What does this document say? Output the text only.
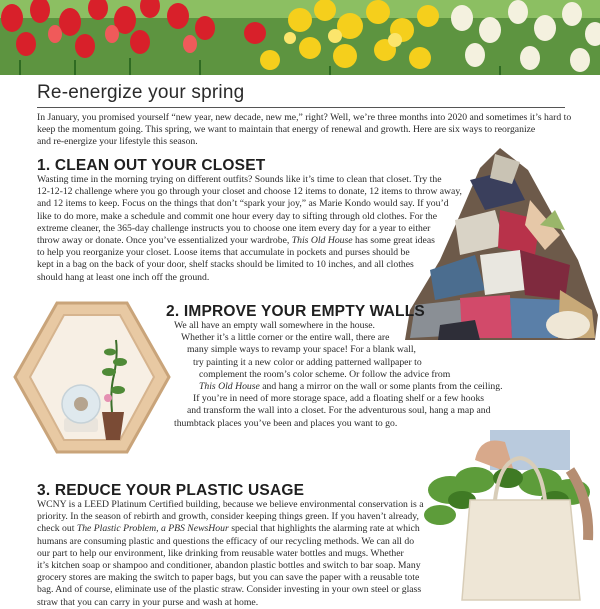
Re-energize your spring
In January, you promised yourself “new year, new decade, new me,” right? Well, we’re three months into 2020 and sometimes it’s hard to
keep the momentum going. This spring, we want to maintain that energy of renewal and growth. Here are six ways to reorganize
and re-energize your lifestyle this season.
1. CLEAN OUT YOUR CLOSET
Wasting time in the morning trying on different outfits? Sounds like it’s time to clean that closet. Try the
12-12-12 challenge where you go through your closet and choose 12 items to donate, 12 items to throw away,
and 12 items to keep. Focus on the things that don’t “spark your joy,” as Marie Kondo would say. If you’d
like to do more, make a schedule and commit one hour every day to sifting through old clothes. For the
extreme cleaner, the 365-day challenge instructs you to choose one item every day for a year to either
throw away or donate. Once you’ve essentialized your wardrobe, This Old House has some great ideas
to help you reorganize your closet. Loose items that accumulate in pockets and purses should be
kept in a bag on the back of your door, shelf stacks should be limited to 10 inches, and all clothes
should hang at least one inch off the ground.
2. IMPROVE YOUR EMPTY WALLS
We all have an empty wall somewhere in the house.
Whether it’s a little corner or the entire wall, there are
many simple ways to revamp your space! For a blank wall,
try painting it a new color or adding patterned wallpaper to
complement the room’s color scheme. Or follow the advice from
This Old House and hang a mirror on the wall or some plants from the ceiling.
If you’re in need of more storage space, add a floating shelf or a few hooks
and transform the wall into a closet. For the adventurous soul, hang a map and
thumbtack places you’ve been and places you want to go.
3. REDUCE YOUR PLASTIC USAGE
WCNY is a LEED Platinum Certified building, because we believe environmental conservation is a
priority. In the season of rebirth and growth, consider keeping things green. If you haven’t already,
check out The Plastic Problem, a PBS NewsHour special that highlights the alarming rate at which
humans are consuming plastic and questions the efficacy of our recycling methods. We can all do
our part to help our environment, like drinking from reusable water bottles and mugs. Whether
it’s kitchen soap or shampoo and conditioner, abandon plastic bottles and switch to bar soap. Many
grocery stores are making the switch to paper bags, but you can save the paper with a reusable tote
bag. And of course, eliminate use of the plastic straw. Consider investing in your own steel or glass
straw that you can carry in your purse and wash at home.
